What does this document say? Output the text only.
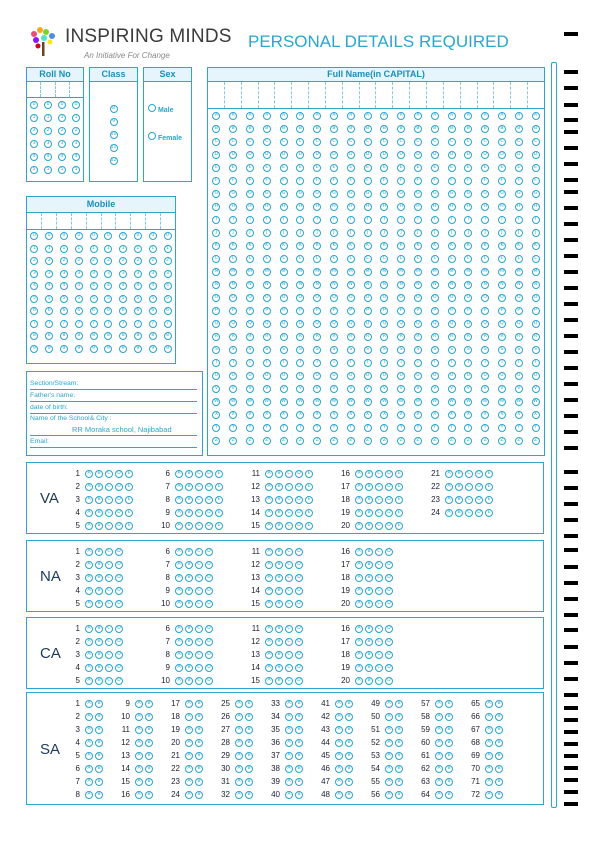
INSPIRING MINDS
An Initiative For Change
PERSONAL DETAILS REQUIRED
Roll No
0	0	0	0
1	1	1	1
2	2	2	2
3	3	3	3
4	4	4	4
5	5	5	5
Class
8
9
10
11
12
Sex
Male
Female
Full Name(in CAPITAL)
A	A	A	A	A	A	A	A	A	A	A	A	A	A	A	A	A	A	A	A
B	B	B	B	B	B	B	B	B	B	B	B	B	B	B	B	B	B	B	B
C	C	C	C	C	C	C	C	C	C	C	C	C	C	C	C	C	C	C	C
D	D	D	D	D	D	D	D	D	D	D	D	D	D	D	D	D	D	D	D
E	E	E	E	E	E	E	E	E	E	E	E	E	E	E	E	E	E	E	E
F	F	F	F	F	F	F	F	F	F	F	F	F	F	F	F	F	F	F	F
G	G	G	G	G	G	G	G	G	G	G	G	G	G	G	G	G	G	G	G
H	H	H	H	H	H	H	H	H	H	H	H	H	H	H	H	H	H	H	H
I	I	I	I	I	I	I	I	I	I	I	I	I	I	I	I	I	I	I	I
J	J	J	J	J	J	J	J	J	J	J	J	J	J	J	J	J	J	J	J
K	K	K	K	K	K	K	K	K	K	K	K	K	K	K	K	K	K	K	K
L	L	L	L	L	L	L	L	L	L	L	L	L	L	L	L	L	L	L	L
M	M	M	M	M	M	M	M	M	M	M	M	M	M	M	M	M	M	M	M
N	N	N	N	N	N	N	N	N	N	N	N	N	N	N	N	N	N	N	N
O	O	O	O	O	O	O	O	O	O	O	O	O	O	O	O	O	O	O	O
P	P	P	P	P	P	P	P	P	P	P	P	P	P	P	P	P	P	P	P
Q	Q	Q	Q	Q	Q	Q	Q	Q	Q	Q	Q	Q	Q	Q	Q	Q	Q	Q	Q
R	R	R	R	R	R	R	R	R	R	R	R	R	R	R	R	R	R	R	R
S	S	S	S	S	S	S	S	S	S	S	S	S	S	S	S	S	S	S	S
T	T	T	T	T	T	T	T	T	T	T	T	T	T	T	T	T	T	T	T
U	U	U	U	U	U	U	U	U	U	U	U	U	U	U	U	U	U	U	U
V	V	V	V	V	V	V	V	V	V	V	V	V	V	V	V	V	V	V	V
W	W	W	W	W	W	W	W	W	W	W	W	W	W	W	W	W	W	W	W
X	X	X	X	X	X	X	X	X	X	X	X	X	X	X	X	X	X	X	X
Y	Y	Y	Y	Y	Y	Y	Y	Y	Y	Y	Y	Y	Y	Y	Y	Y	Y	Y	Y
Z	Z	Z	Z	Z	Z	Z	Z	Z	Z	Z	Z	Z	Z	Z	Z	Z	Z	Z	Z
Mobile
0	0	0	0	0	0	0	0	0	0
1	1	1	1	1	1	1	1	1	1
2	2	2	2	2	2	2	2	2	2
3	3	3	3	3	3	3	3	3	3
4	4	4	4	4	4	4	4	4	4
5	5	5	5	5	5	5	5	5	5
6	6	6	6	6	6	6	6	6	6
7	7	7	7	7	7	7	7	7	7
8	8	8	8	8	8	8	8	8	8
9	9	9	9	9	9	9	9	9	9
Section/Stream:
Father's name:
date of birth:
Name of the School& City :
RR Moraka school, Najibabad
Email:
VA
NA
CA
SA
1	A	B	C	D	E
2	A	B	C	D	E
3	A	B	C	D	E
4	A	B	C	D	E
5	A	B	C	D	E
6	A	B	C	D	E
7	A	B	C	D	E
8	A	B	C	D	E
9	A	B	C	D	E
10	A	B	C	D	E
11	A	B	C	D	E
12	A	B	C	D	E
13	A	B	C	D	E
14	A	B	C	D	E
15	A	B	C	D	E
16	A	B	C	D	E
17	A	B	C	D	E
18	A	B	C	D	E
19	A	B	C	D	E
20	A	B	C	D	E
21	A	B	C	D	E
22	A	B	C	D	E
23	A	B	C	D	E
24	A	B	C	D	E
1	A	B	C	D
2	A	B	C	D
3	A	B	C	D
4	A	B	C	D
5	A	B	C	D
6	A	B	C	D
7	A	B	C	D
8	A	B	C	D
9	A	B	C	D
10	A	B	C	D
11	A	B	C	D
12	A	B	C	D
13	A	B	C	D
14	A	B	C	D
15	A	B	C	D
16	A	B	C	D
17	A	B	C	D
18	A	B	C	D
19	A	B	C	D
20	A	B	C	D
1	A	B	C	D
2	A	B	C	D
3	A	B	C	D
4	A	B	C	D
5	A	B	C	D
6	A	B	C	D
7	A	B	C	D
8	A	B	C	D
9	A	B	C	D
10	A	B	C	D
11	A	B	C	D
12	A	B	C	D
13	A	B	C	D
14	A	B	C	D
15	A	B	C	D
16	A	B	C	D
17	A	B	C	D
18	A	B	C	D
19	A	B	C	D
20	A	B	C	D
1	A	B
2	A	B
3	A	B
4	A	B
5	A	B
6	A	B
7	A	B
8	A	B
9	A	B
10	A	B
11	A	B
12	A	B
13	A	B
14	A	B
15	A	B
16	A	B
17	A	B
18	A	B
19	A	B
20	A	B
21	A	B
22	A	B
23	A	B
24	A	B
25	A	B
26	A	B
27	A	B
28	A	B
29	A	B
30	A	B
31	A	B
32	A	B
33	A	B
34	A	B
35	A	B
36	A	B
37	A	B
38	A	B
39	A	B
40	A	B
41	A	B
42	A	B
43	A	B
44	A	B
45	A	B
46	A	B
47	A	B
48	A	B
49	A	B
50	A	B
51	A	B
52	A	B
53	A	B
54	A	B
55	A	B
56	A	B
57	A	B
58	A	B
59	A	B
60	A	B
61	A	B
62	A	B
63	A	B
64	A	B
65	A	B
66	A	B
67	A	B
68	A	B
69	A	B
70	A	B
71	A	B
72	A	B
